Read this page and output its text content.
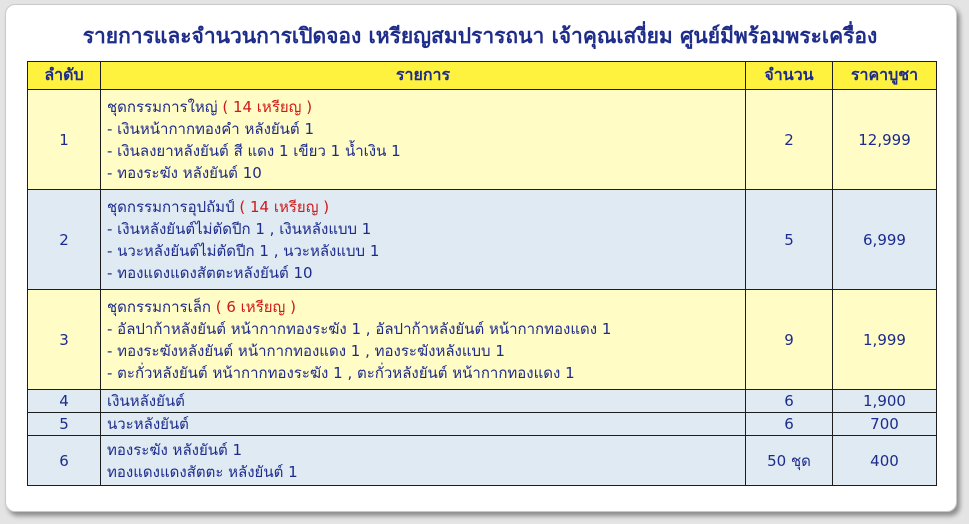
รายการและจำนวนการเปิดจอง เหรียญสมปรารถนา เจ้าคุณเสงี่ยม ศูนย์มีพร้อมพระเครื่อง
ลำดับ	รายการ	จำนวน	ราคาบูชา
1	ชุดกรรมการใหญ่ ( 14 เหรียญ )
- เงินหน้ากากทองคำ หลังยันต์ 1
- เงินลงยาหลังยันต์ สี แดง 1 เขียว 1 น้ำเงิน 1
- ทองระฆัง หลังยันต์ 10	2	12,999
2	ชุดกรรมการอุปถัมป์ ( 14 เหรียญ )
- เงินหลังยันต์ไม่ตัดปีก 1 , เงินหลังแบบ 1
- นวะหลังยันต์ไม่ตัดปีก 1 , นวะหลังแบบ 1
- ทองแดงแดงสัตตะหลังยันต์ 10	5	6,999
3	ชุดกรรมการเล็ก ( 6 เหรียญ )
- อัลปาก้าหลังยันต์ หน้ากากทองระฆัง 1 , อัลปาก้าหลังยันต์ หน้ากากทองแดง 1
- ทองระฆังหลังยันต์ หน้ากากทองแดง 1 , ทองระฆังหลังแบบ 1
- ตะกั่วหลังยันต์ หน้ากากทองระฆัง 1 , ตะกั่วหลังยันต์ หน้ากากทองแดง 1	9	1,999
4	เงินหลังยันต์	6	1,900
5	นวะหลังยันต์	6	700
6	ทองระฆัง หลังยันต์ 1
ทองแดงแดงสัตตะ หลังยันต์ 1	50 ชุด	400
